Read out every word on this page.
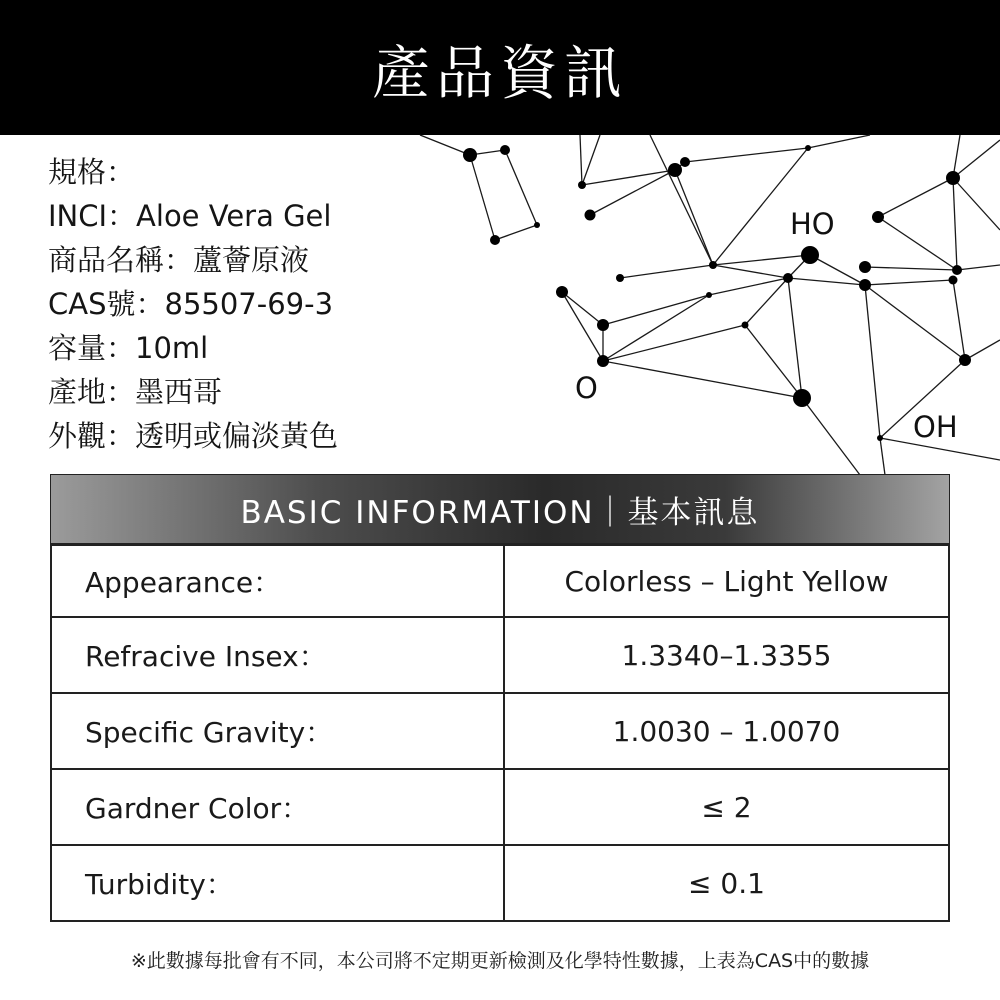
產品資訊
HO
O
OH
規格：
INCI：Aloe Vera Gel
商品名稱：蘆薈原液
CAS號：85507-69-3
容量：10ml
產地：墨西哥
外觀：透明或偏淡黃色
BASIC INFORMATION｜基本訊息
Appearance：	Colorless – Light Yellow
Refracive Insex：	1.3340–1.3355
Specific Gravity：	1.0030 – 1.0070
Gardner Color：	≤ 2
Turbidity：	≤ 0.1
※此數據每批會有不同，本公司將不定期更新檢測及化學特性數據，上表為CAS中的數據
